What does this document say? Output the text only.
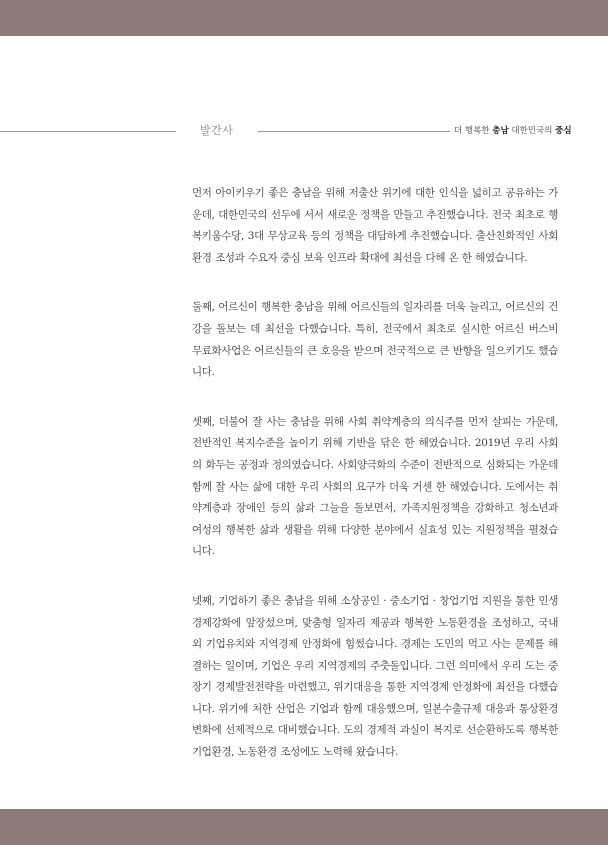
발간사	더 행복한 충남 대한민국의 중심

먼저 아이키우기 좋은 충남을 위해 저출산 위기에 대한 인식을 넓히고 공유하는 가운데, 대한민국의 선두에 서서 새로운 정책을 만들고 추진했습니다. 전국 최초로 행복키움수당, 3대 무상교육 등의 정책을 대담하게 추진했습니다. 출산친화적인 사회환경 조성과 수요자 중심 보육 인프라 확대에 최선을 다해 온 한 해였습니다.

둘째, 어르신이 행복한 충남을 위해 어르신들의 일자리를 더욱 늘리고, 어르신의 건강을 돌보는 데 최선을 다했습니다. 특히, 전국에서 최초로 실시한 어르신 버스비 무료화사업은 어르신들의 큰 호응을 받으며 전국적으로 큰 반향을 일으키기도 했습니다.

셋째, 더불어 잘 사는 충남을 위해 사회 취약계층의 의식주를 먼저 살피는 가운데, 전반적인 복지수준을 높이기 위해 기반을 닦은 한 해였습니다. 2019년 우리 사회의 화두는 공정과 정의였습니다. 사회양극화의 수준이 전반적으로 심화되는 가운데 함께 잘 사는 삶에 대한 우리 사회의 요구가 더욱 거센 한 해였습니다. 도에서는 취약계층과 장애인 등의 삶과 그늘을 돌보면서, 가족지원정책을 강화하고 청소년과 여성의 행복한 삶과 생활을 위해 다양한 분야에서 실효성 있는 지원정책을 펼쳤습니다.

넷째, 기업하기 좋은 충남을 위해 소상공인 · 중소기업 · 창업기업 지원을 통한 민생경제강화에 앞장섰으며, 맞춤형 일자리 제공과 행복한 노동환경을 조성하고, 국내외 기업유치와 지역경제 안정화에 힘썼습니다. 경제는 도민의 먹고 사는 문제를 해결하는 일이며, 기업은 우리 지역경제의 주춧돌입니다. 그런 의미에서 우리 도는 중장기 경제발전전략을 마련했고, 위기대응을 통한 지역경제 안정화에 최선을 다했습니다. 위기에 처한 산업은 기업과 함께 대응했으며, 일본수출규제 대응과 통상환경 변화에 선제적으로 대비했습니다. 도의 경제적 과실이 복지로 선순환하도록 행복한 기업환경, 노동환경 조성에도 노력해 왔습니다.
